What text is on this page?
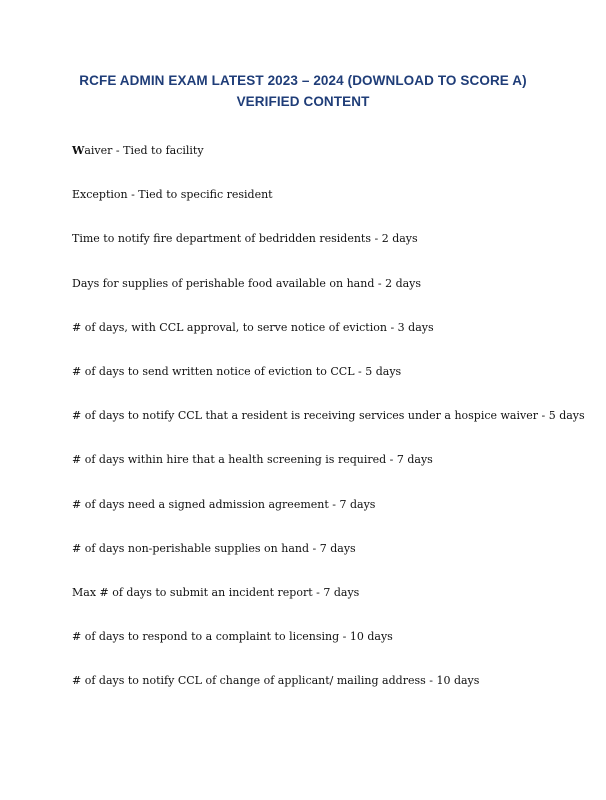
RCFE ADMIN EXAM LATEST 2023 – 2024 (DOWNLOAD TO SCORE A)
VERIFIED CONTENT
Waiver - Tied to facility
Exception - Tied to specific resident
Time to notify fire department of bedridden residents - 2 days
Days for supplies of perishable food available on hand - 2 days
# of days, with CCL approval, to serve notice of eviction - 3 days
# of days to send written notice of eviction to CCL - 5 days
# of days to notify CCL that a resident is receiving services under a hospice waiver - 5 days
# of days within hire that a health screening is required - 7 days
# of days need a signed admission agreement - 7 days
# of days non-perishable supplies on hand - 7 days
Max # of days to submit an incident report - 7 days
# of days to respond to a complaint to licensing - 10 days
# of days to notify CCL of change of applicant/ mailing address - 10 days
